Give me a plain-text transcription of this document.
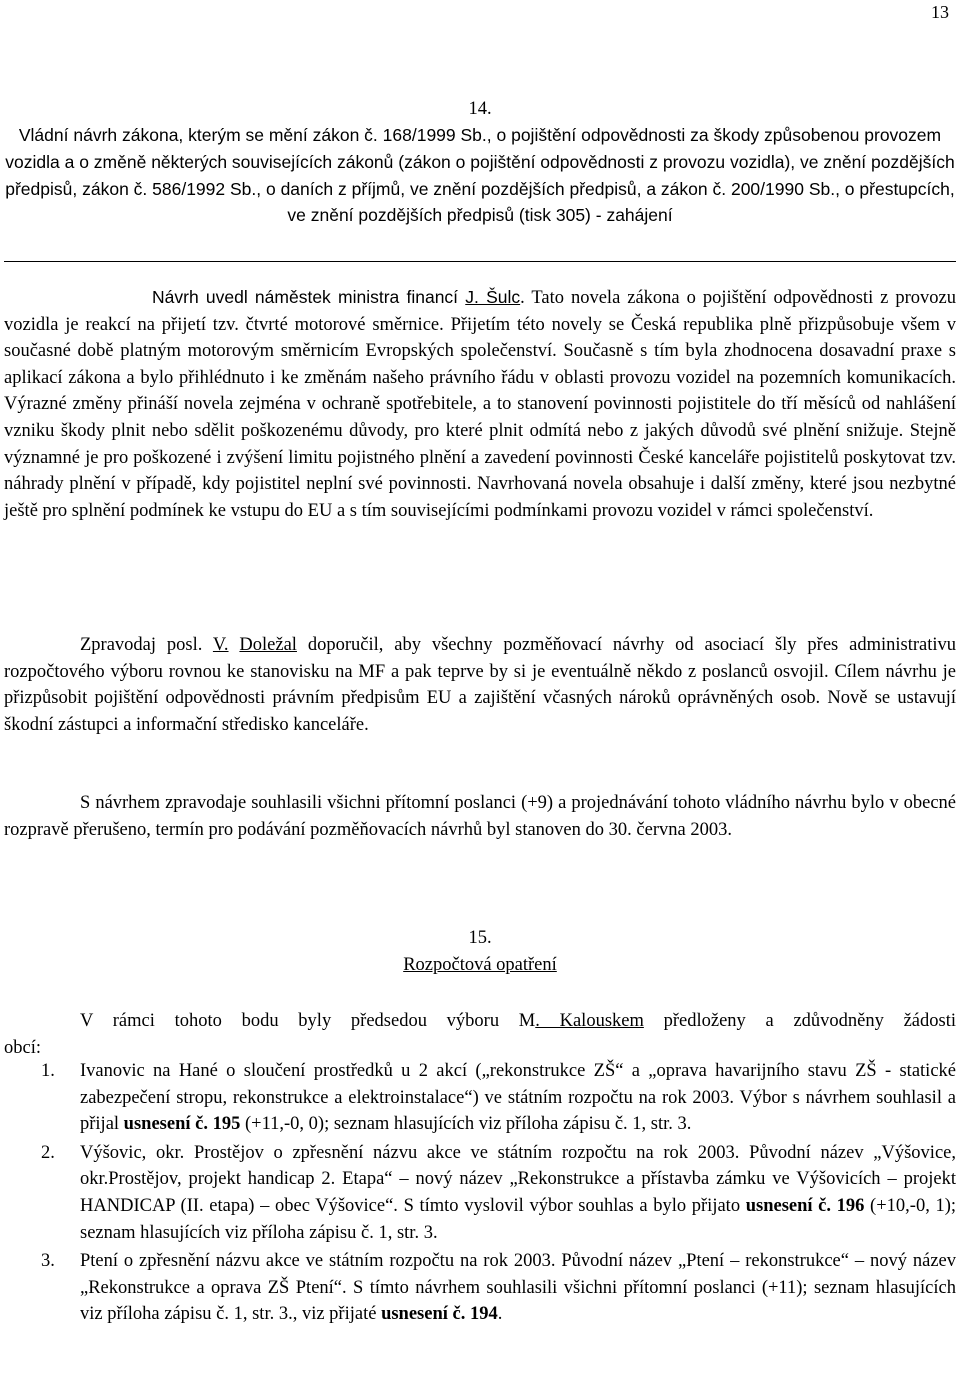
13
14.
Vládní návrh zákona, kterým se mění zákon č. 168/1999 Sb., o pojištění odpovědnosti za škody způsobenou provozem vozidla a o změně některých souvisejících zákonů (zákon o pojištění odpovědnosti z provozu vozidla), ve znění pozdějších předpisů, zákon č. 586/1992 Sb., o daních z příjmů, ve znění pozdějších předpisů, a zákon č. 200/1990 Sb., o přestupcích, ve znění pozdějších předpisů (tisk 305) - zahájení
Návrh uvedl náměstek ministra financí J. Šulc. Tato novela zákona o pojištění odpovědnosti z provozu vozidla je reakcí na přijetí tzv. čtvrté motorové směrnice. Přijetím této novely se Česká republika plně přizpůsobuje všem v současné době platným motorovým směrnicím Evropských společenství. Současně s tím byla zhodnocena dosavadní praxe s aplikací zákona a bylo přihlédnuto i ke změnám našeho právního řádu v oblasti provozu vozidel na pozemních komunikacích. Výrazné změny přináší novela zejména v ochraně spotřebitele, a to stanovení povinnosti pojistitele do tří měsíců od nahlášení vzniku škody plnit nebo sdělit poškozenému důvody, pro které plnit odmítá nebo z jakých důvodů své plnění snižuje. Stejně významné je pro poškozené i zvýšení limitu pojistného plnění a zavedení povinnosti České kanceláře pojistitelů poskytovat tzv. náhrady plnění v případě, kdy pojistitel neplní své povinnosti. Navrhovaná novela obsahuje i další změny, které jsou nezbytné ještě pro splnění podmínek ke vstupu do EU a s tím souvisejícími podmínkami provozu vozidel v rámci společenství.
Zpravodaj posl. V. Doležal doporučil, aby všechny pozměňovací návrhy od asociací šly přes administrativu rozpočtového výboru rovnou ke stanovisku na MF a pak teprve by si je eventuálně někdo z poslanců osvojil. Cílem návrhu je přizpůsobit pojištění odpovědnosti právním předpisům EU a zajištění včasných nároků oprávněných osob. Nově se ustavují škodní zástupci a informační středisko kanceláře.
S návrhem zpravodaje souhlasili všichni přítomní poslanci (+9) a projednávání tohoto vládního návrhu bylo v obecné rozpravě přerušeno, termín pro podávání pozměňovacích návrhů byl stanoven do 30. června 2003.
15.
Rozpočtová opatření
V rámci tohoto bodu byly předsedou výboru M. Kalouskem předloženy a zdůvodněny žádosti
obcí:
1. Ivanovic na Hané o sloučení prostředků u 2 akcí („rekonstrukce ZŠ“ a „oprava havarijního stavu ZŠ - statické zabezpečení stropu, rekonstrukce a elektroinstalace“) ve státním rozpočtu na rok 2003. Výbor s návrhem souhlasil a přijal usnesení č. 195 (+11,-0, 0); seznam hlasujících viz příloha zápisu č. 1, str. 3.
2. Výšovic, okr. Prostějov o zpřesnění názvu akce ve státním rozpočtu na rok 2003. Původní název „Výšovice, okr.Prostějov, projekt handicap 2. Etapa“ – nový název „Rekonstrukce a přístavba zámku ve Výšovicích – projekt HANDICAP (II. etapa) – obec Výšovice“. S tímto vyslovil výbor souhlas a bylo přijato usnesení č. 196 (+10,-0, 1); seznam hlasujících viz příloha zápisu č. 1, str. 3.
3. Ptení o zpřesnění názvu akce ve státním rozpočtu na rok 2003. Původní název „Ptení – rekonstrukce“ – nový název „Rekonstrukce a oprava ZŠ Ptení“. S tímto návrhem souhlasili všichni přítomní poslanci (+11); seznam hlasujících viz příloha zápisu č. 1, str. 3., viz přijaté usnesení č. 194.
